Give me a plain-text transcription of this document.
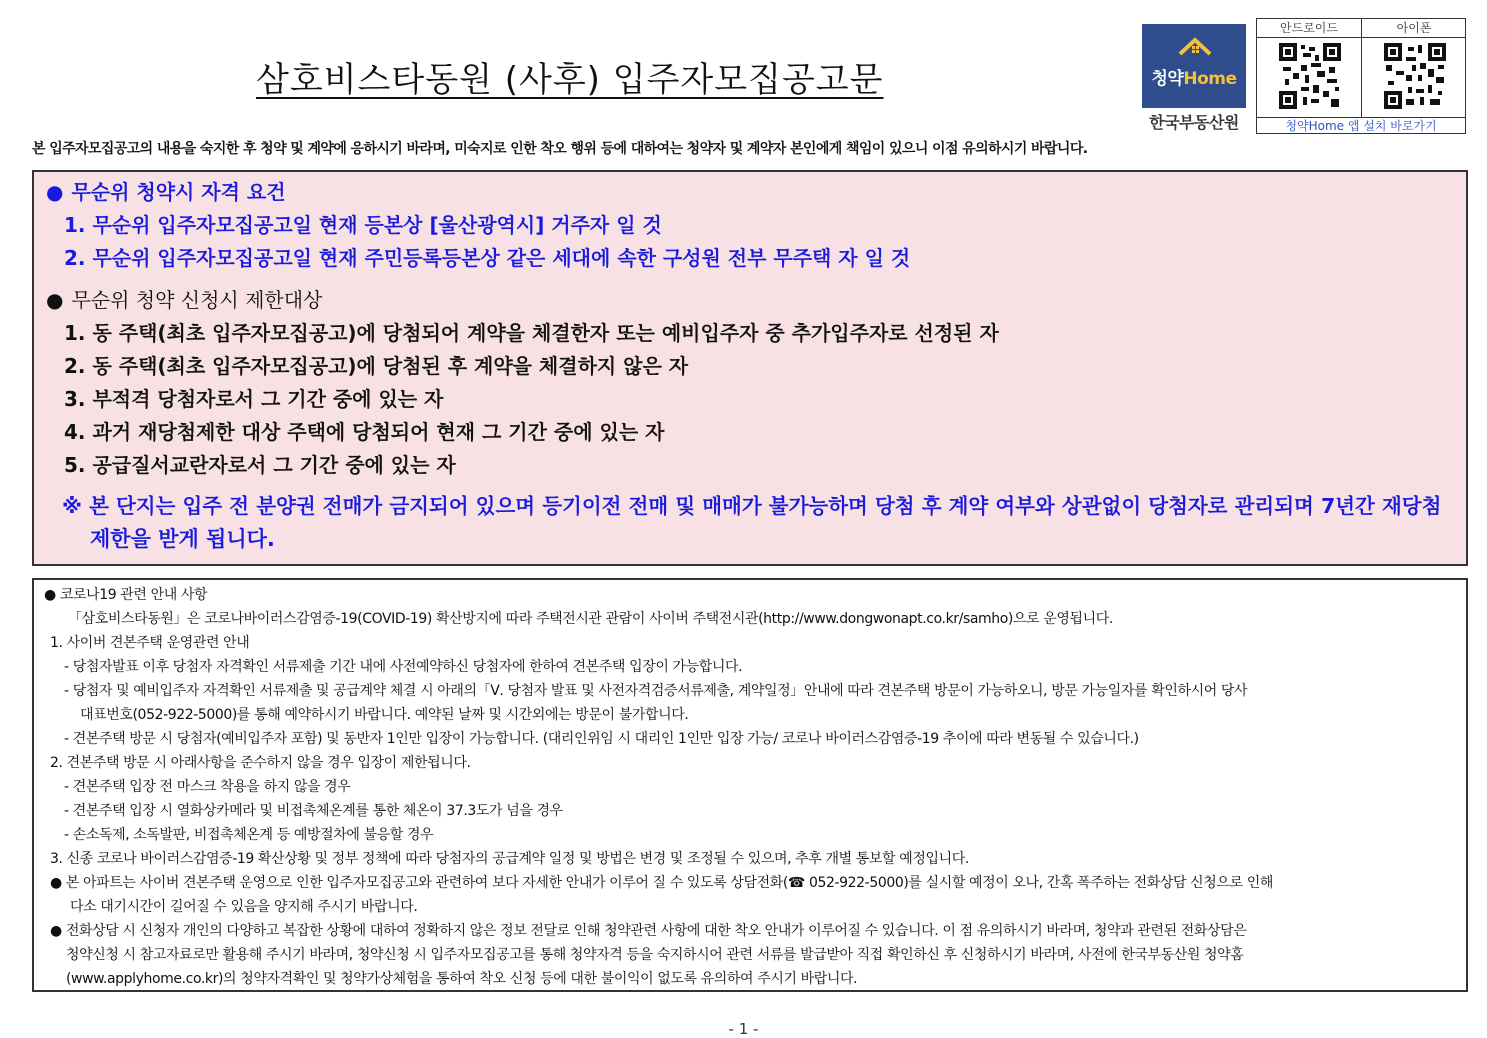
삼호비스타동원 (사후) 입주자모집공고문	청약Home
한국부동산원
안드로이드	아이폰
청약Home 앱 설치 바로가기
본 입주자모집공고의 내용을 숙지한 후 청약 및 계약에 응하시기 바라며, 미숙지로 인한 착오 행위 등에 대하여는 청약자 및 계약자 본인에게 책임이 있으니 이점 유의하시기 바랍니다.
● 무순위 청약시 자격 요건
1. 무순위 입주자모집공고일 현재 등본상 [울산광역시] 거주자 일 것
2. 무순위 입주자모집공고일 현재 주민등록등본상 같은 세대에 속한 구성원 전부 무주택 자 일 것
● 무순위 청약 신청시 제한대상
1. 동 주택(최초 입주자모집공고)에 당첨되어 계약을 체결한자 또는 예비입주자 중 추가입주자로 선정된 자
2. 동 주택(최초 입주자모집공고)에 당첨된 후 계약을 체결하지 않은 자
3. 부적격 당첨자로서 그 기간 중에 있는 자
4. 과거 재당첨제한 대상 주택에 당첨되어 현재 그 기간 중에 있는 자
5. 공급질서교란자로서 그 기간 중에 있는 자
※ 본 단지는 입주 전 분양권 전매가 금지되어 있으며 등기이전 전매 및 매매가 불가능하며 당첨 후 계약 여부와 상관없이 당첨자로 관리되며 7년간 재당첨
제한을 받게 됩니다.
● 코로나19 관련 안내 사항
「삼호비스타동원」은 코로나바이러스감염증-19(COVID-19) 확산방지에 따라 주택전시관 관람이 사이버 주택전시관(http://www.dongwonapt.co.kr/samho)으로 운영됩니다.
1. 사이버 견본주택 운영관련 안내
- 당첨자발표 이후 당첨자 자격확인 서류제출 기간 내에 사전예약하신 당첨자에 한하여 견본주택 입장이 가능합니다.
- 당첨자 및 예비입주자 자격확인 서류제출 및 공급계약 체결 시 아래의「Ⅴ. 당첨자 발표 및 사전자격검증서류제출, 계약일정」안내에 따라 견본주택 방문이 가능하오니, 방문 가능일자를 확인하시어 당사
대표번호(052-922-5000)를 통해 예약하시기 바랍니다. 예약된 날짜 및 시간외에는 방문이 불가합니다.
- 견본주택 방문 시 당첨자(예비입주자 포함) 및 동반자 1인만 입장이 가능합니다. (대리인위임 시 대리인 1인만 입장 가능/ 코로나 바이러스감염증-19 추이에 따라 변동될 수 있습니다.)
2. 견본주택 방문 시 아래사항을 준수하지 않을 경우 입장이 제한됩니다.
- 견본주택 입장 전 마스크 착용을 하지 않을 경우
- 견본주택 입장 시 열화상카메라 및 비접촉체온계를 통한 체온이 37.3도가 넘을 경우
- 손소독제, 소독발판, 비접촉체온계 등 예방절차에 불응할 경우
3. 신종 코로나 바이러스감염증-19 확산상황 및 정부 정책에 따라 당첨자의 공급계약 일정 및 방법은 변경 및 조정될 수 있으며, 추후 개별 통보할 예정입니다.
● 본 아파트는 사이버 견본주택 운영으로 인한 입주자모집공고와 관련하여 보다 자세한 안내가 이루어 질 수 있도록 상담전화(☎ 052-922-5000)를 실시할 예정이 오나, 간혹 폭주하는 전화상담 신청으로 인해
다소 대기시간이 길어질 수 있음을 양지해 주시기 바랍니다.
● 전화상담 시 신청자 개인의 다양하고 복잡한 상황에 대하여 정확하지 않은 정보 전달로 인해 청약관련 사항에 대한 착오 안내가 이루어질 수 있습니다. 이 점 유의하시기 바라며, 청약과 관련된 전화상담은
청약신청 시 참고자료로만 활용해 주시기 바라며, 청약신청 시 입주자모집공고를 통해 청약자격 등을 숙지하시어 관련 서류를 발급받아 직접 확인하신 후 신청하시기 바라며, 사전에 한국부동산원 청약홈
(www.applyhome.co.kr)의 청약자격확인 및 청약가상체험을 통하여 착오 신청 등에 대한 불이익이 없도록 유의하여 주시기 바랍니다.
- 1 -
